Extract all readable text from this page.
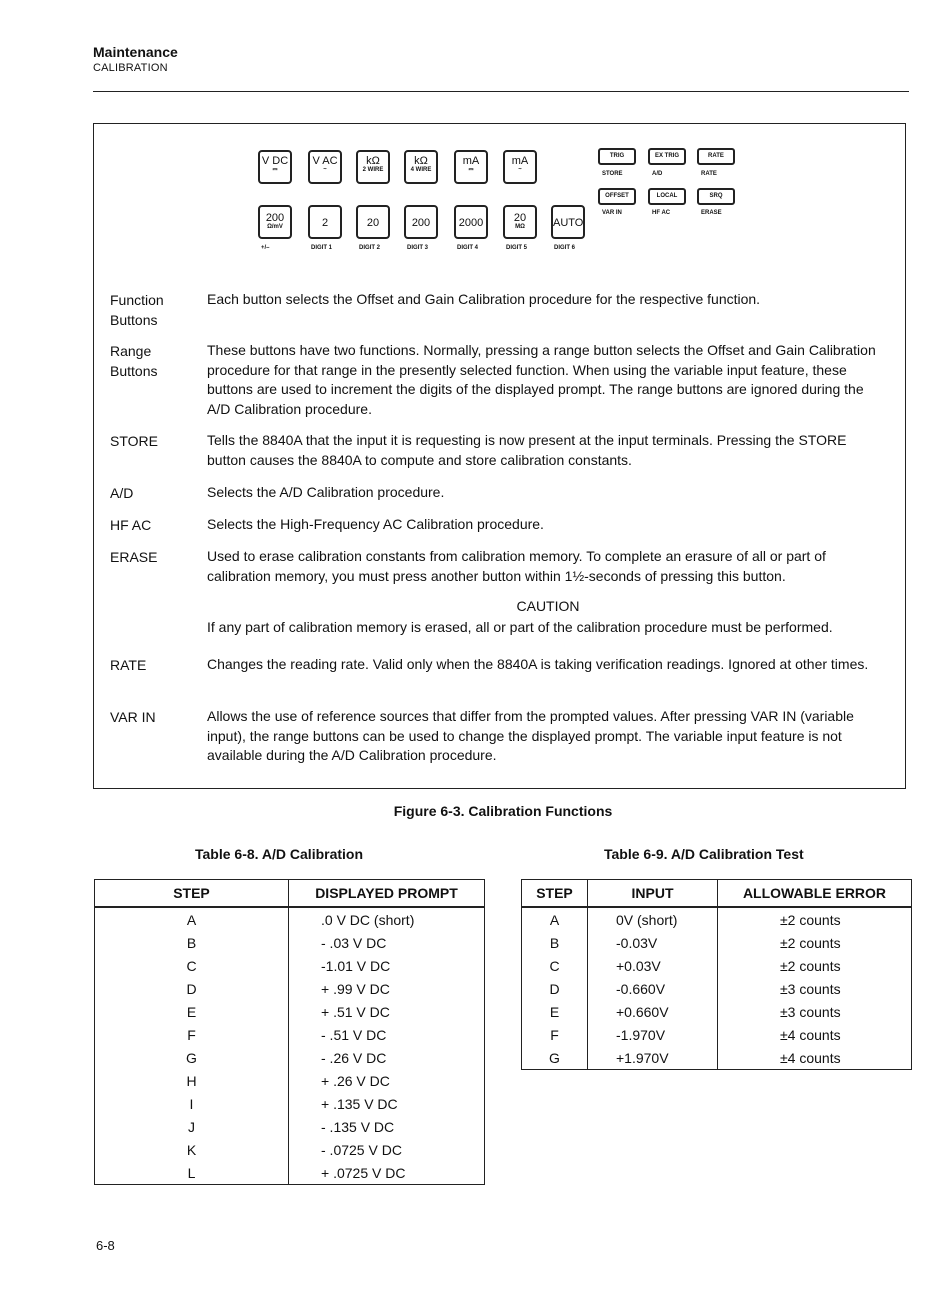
Maintenance
CALIBRATION
V DC
⎓
V AC
~
kΩ
2 WIRE
kΩ
4 WIRE
mA
⎓
mA
~
200
Ω/mV
+/–
2
DIGIT 1
20
DIGIT 2
200
DIGIT 3
2000
DIGIT 4
20
MΩ
DIGIT 5
AUTO
DIGIT 6
TRIG
STORE
OFFSET
VAR IN
EX TRIG
A/D
LOCAL
HF AC
RATE
RATE
SRQ
ERASE
Function
Buttons
Each button selects the Offset and Gain Calibration procedure for the respective function.
Range
Buttons
These buttons have two functions. Normally, pressing a range button selects the Offset and Gain Calibration procedure for that range in the presently selected function. When using the variable input feature, these buttons are used to increment the digits of the displayed prompt. The range buttons are ignored during the A/D Calibration procedure.
STORE	Tells the 8840A that the input it is requesting is now present at the input terminals. Pressing the STORE button causes the 8840A to compute and store calibration constants.
A/D	Selects the A/D Calibration procedure.
HF AC	Selects the High-Frequency AC Calibration procedure.
ERASE	Used to erase calibration constants from calibration memory. To complete an erasure of all or part of calibration memory, you must press another button within 1½-seconds of pressing this button.
CAUTION
If any part of calibration memory is erased, all or part of the calibration procedure must be performed.
RATE	Changes the reading rate. Valid only when the 8840A is taking verification readings. Ignored at other times.
VAR IN	Allows the use of reference sources that differ from the prompted values. After pressing VAR IN (variable input), the range buttons can be used to change the displayed prompt. The variable input feature is not available during the A/D Calibration procedure.
Figure 6-3. Calibration Functions
Table 6-8. A/D Calibration	Table 6-9. A/D Calibration Test
STEP	DISPLAYED PROMPT
A	.0 V DC (short)
B	- .03 V DC
C	-1.01 V DC
D	+ .99 V DC
E	+ .51 V DC
F	- .51 V DC
G	- .26 V DC
H	+ .26 V DC
I	+ .135 V DC
J	- .135 V DC
K	- .0725 V DC
L	+ .0725 V DC
STEP	INPUT	ALLOWABLE ERROR
A	0V (short)	±2 counts
B	-0.03V	±2 counts
C	+0.03V	±2 counts
D	-0.660V	±3 counts
E	+0.660V	±3 counts
F	-1.970V	±4 counts
G	+1.970V	±4 counts
6-8
